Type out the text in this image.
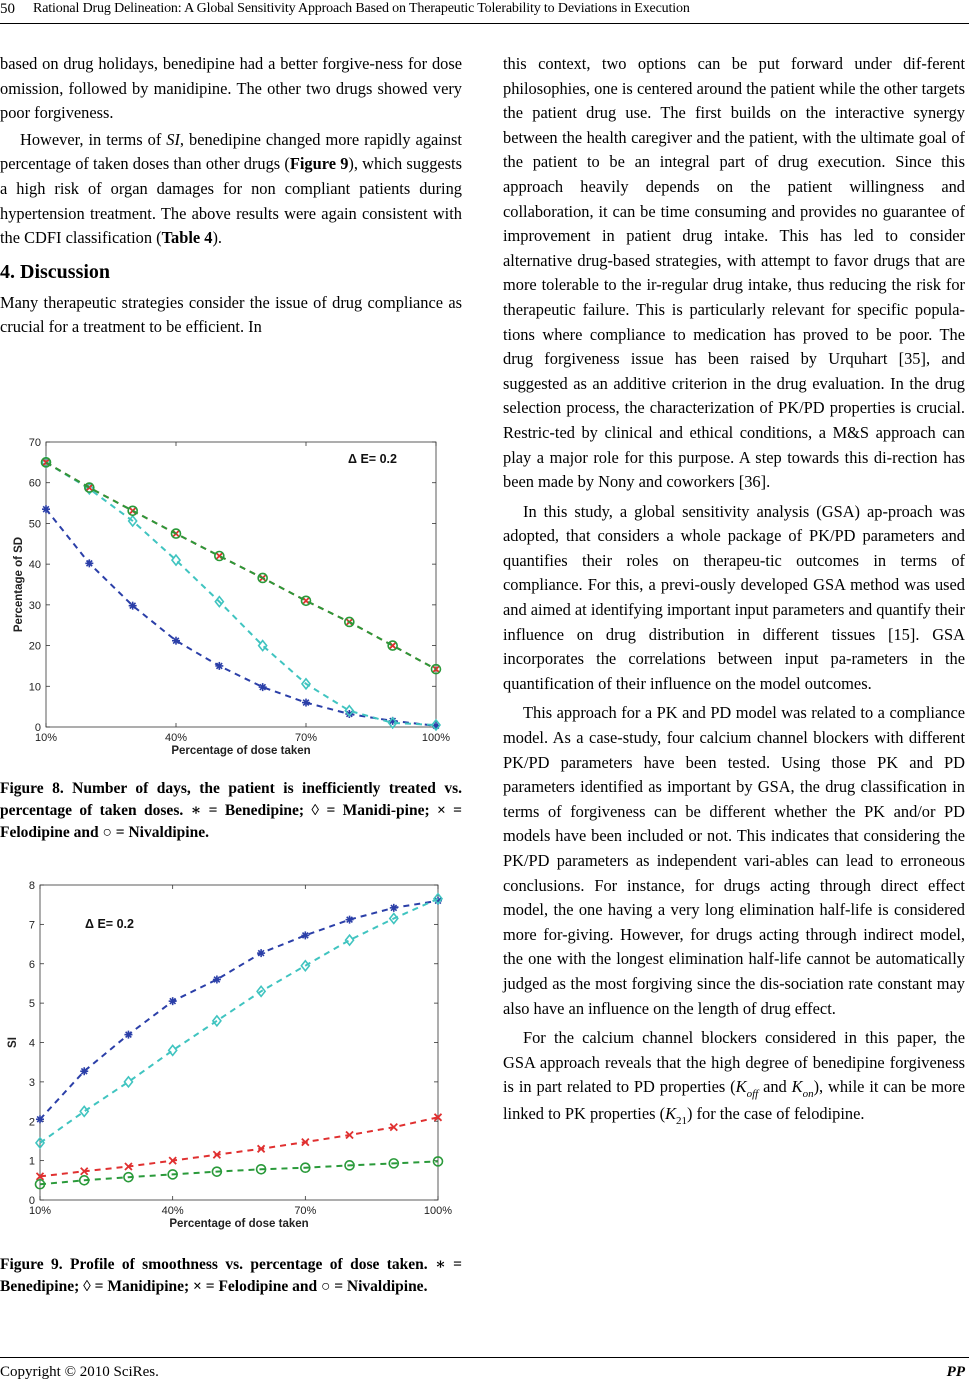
50 Rational Drug Delineation: A Global Sensitivity Approach Based on Therapeutic Tolerability to Deviations in Execution

based on drug holidays, benedipine had a better forgive-ness for dose omission, followed by manidipine. The other two drugs showed very poor forgiveness.

However, in terms of SI, benedipine changed more rapidly against percentage of taken doses than other drugs (Figure 9), which suggests a high risk of organ damages for non compliant patients during hypertension treatment. The above results were again consistent with the CDFI classification (Table 4).

4. Discussion

Many therapeutic strategies consider the issue of drug compliance as crucial for a treatment to be efficient. In

0
10
20
30
40
50
60
70
10%	40%	70%	100%
Percentage of dose taken
Percentage of SD
Δ E= 0.2
Figure 8. Number of days, the patient is inefficiently treated vs. percentage of taken doses. ∗ = Benedipine; ◊ = Manidi-pine; × = Felodipine and ○ = Nivaldipine.
0
1
2
3
4
5
6
7
8
10%	40%	70%	100%
Percentage of dose taken
SI
Δ E= 0.2
Figure 9. Profile of smoothness vs. percentage of dose taken. ∗ = Benedipine; ◊ = Manidipine; × = Felodipine and ○ = Nivaldipine.

this context, two options can be put forward under dif-ferent philosophies, one is centered around the patient while the other targets the patient drug use. The first builds on the interactive synergy between the health caregiver and the patient, with the ultimate goal of the patient to be an integral part of drug execution. Since this approach heavily depends on the patient willingness and collaboration, it can be time consuming and provides no guarantee of improvement in patient drug intake. This has led to consider alternative drug-based strategies, with attempt to favor drugs that are more tolerable to the ir-regular drug intake, thus reducing the risk for therapeutic failure. This is particularly relevant for specific popula-tions where compliance to medication has proved to be poor. The drug forgiveness issue has been raised by Urquhart [35], and suggested as an additive criterion in the drug evaluation. In the drug selection process, the characterization of PK/PD properties is crucial. Restric-ted by clinical and ethical conditions, a M&S approach can play a major role for this purpose. A step towards this di-rection has been made by Nony and coworkers [36].

In this study, a global sensitivity analysis (GSA) ap-proach was adopted, that considers a whole package of PK/PD parameters and quantifies their roles on therapeu-tic outcomes in terms of compliance. For this, a previ-ously developed GSA method was used and aimed at identifying important input parameters and quantify their influence on drug distribution in different tissues [15]. GSA incorporates the correlations between input pa-rameters in the quantification of their influence on the model outcomes.

This approach for a PK and PD model was related to a compliance model. As a case-study, four calcium channel blockers with different PK/PD parameters have been tested. Using those PK and PD parameters identified as important by GSA, the drug classification in terms of forgiveness can be different whether the PK and/or PD models have been included or not. This indicates that considering the PK/PD parameters as independent vari-ables can lead to erroneous conclusions. For instance, for drugs acting through direct effect model, the one having a very long elimination half-life is considered more for-giving. However, for drugs acting through indirect model, the one with the longest elimination half-life cannot be automatically judged as the most forgiving since the dis-sociation rate constant may also have an influence on the length of drug effect.

For the calcium channel blockers considered in this paper, the GSA approach reveals that the high degree of benedipine forgiveness is in part related to PD properties ($K_{off}$ and $K_{on}$), while it can be more linked to PK properties $(K_{21})$ for the case of felodipine.

Copyright © 2010 SciRes.	PP
